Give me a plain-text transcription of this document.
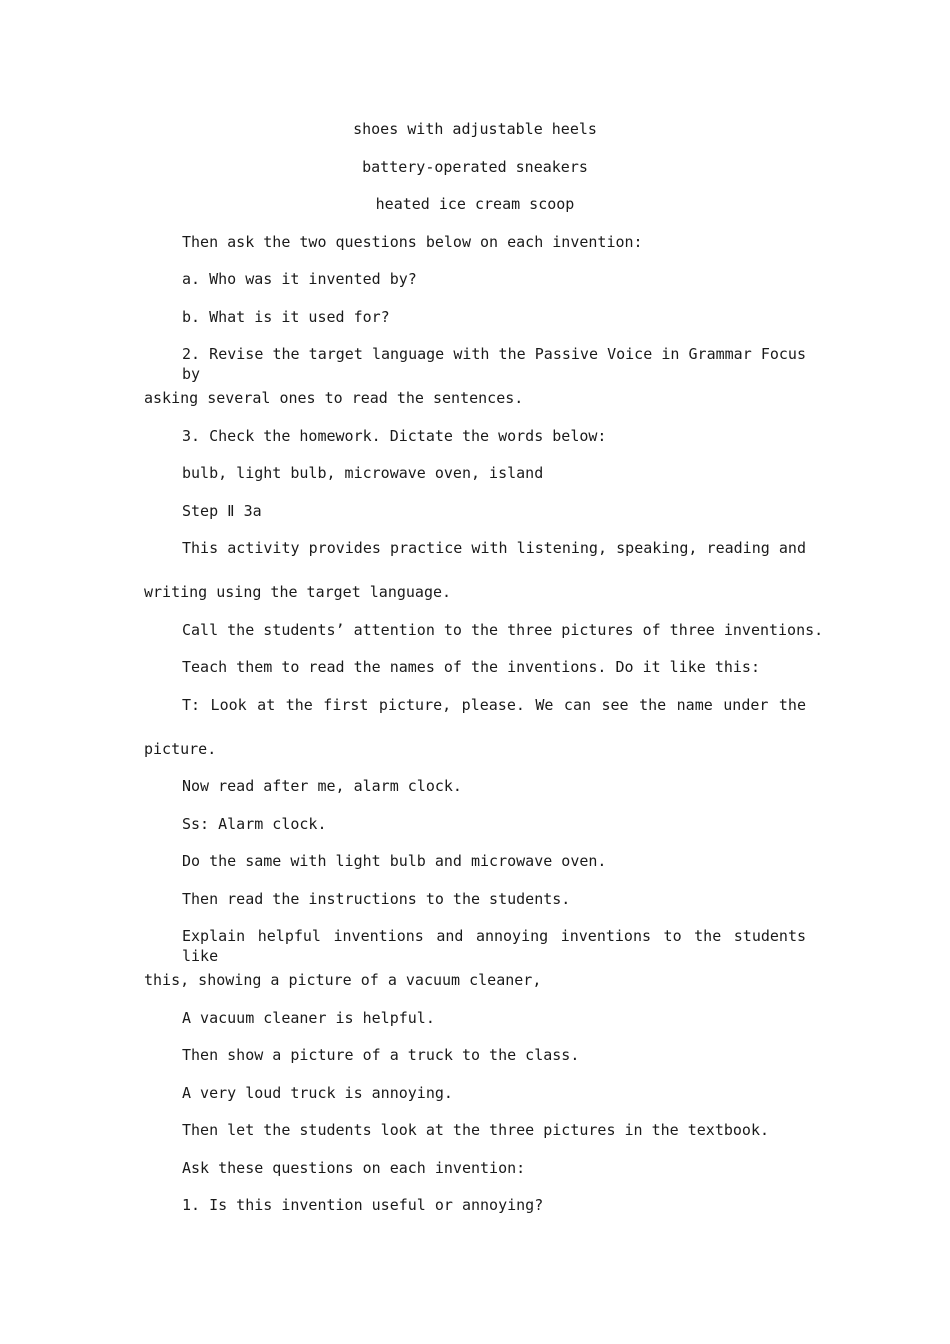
shoes with adjustable heels
battery-operated sneakers
heated ice cream scoop
Then ask the two questions below on each invention:
a. Who was it invented by?
b. What is it used for?
2. Revise the target language with the Passive Voice in Grammar Focus by
asking several ones to read the sentences.
3. Check the homework. Dictate the words below:
bulb, light bulb, microwave oven, island
Step Ⅱ 3a
This activity provides practice with listening, speaking, reading and
writing using the target language.
Call the students’ attention to the three pictures of three inventions.
Teach them to read the names of the inventions. Do it like this:
T: Look at the first picture, please. We can see the name under the
picture.
Now read after me, alarm clock.
Ss: Alarm clock.
Do the same with light bulb and microwave oven.
Then read the instructions to the students.
Explain helpful inventions and annoying inventions to the students like
this, showing a picture of a vacuum cleaner,
A vacuum cleaner is helpful.
Then show a picture of a truck to the class.
A very loud truck is annoying.
Then let the students look at the three pictures in the textbook.
Ask these questions on each invention:
1. Is this invention useful or annoying?
